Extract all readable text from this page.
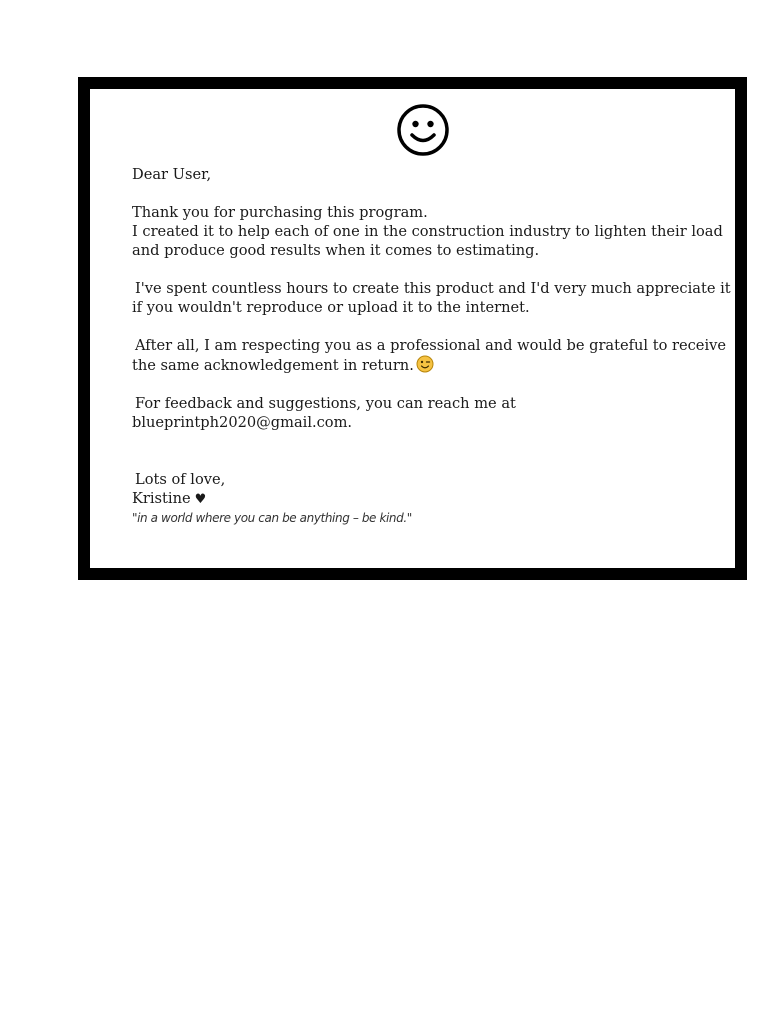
Dear User,

Thank you for purchasing this program.

I created it to help each of one in the construction industry to lighten their load

and produce good results when it comes to estimating.

I've spent countless hours to create this product and I'd very much appreciate it

if you wouldn't reproduce or upload it to the internet.

After all, I am respecting you as a professional and would be grateful to receive

the same acknowledgement in return.

For feedback and suggestions, you can reach me at

blueprintph2020@gmail.com.

Lots of love,

Kristine ♥

"in a world where you can be anything – be kind."
